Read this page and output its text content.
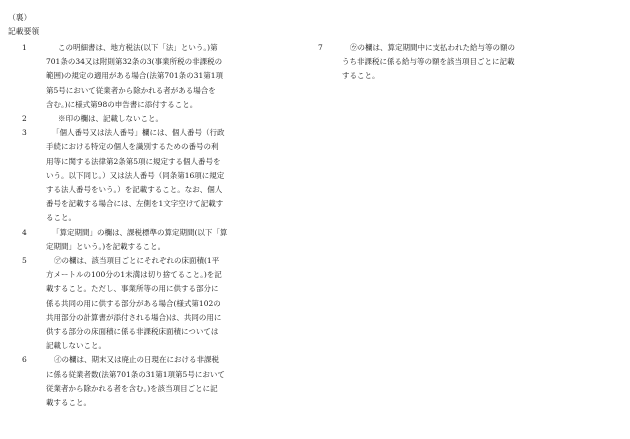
（裏）
記載要領
1	この明細書は、地方税法(以下「法」という。)第
701条の34又は附則第32条の3(事業所税の非課税の
範囲)の規定の適用がある場合(法第701条の31第1項
第5号において従業者から除かれる者がある場合を
含む。)に様式第98の申告書に添付すること。
2	※印の欄は、記載しないこと。
3	「個人番号又は法人番号」欄には、個人番号（行政
手続における特定の個人を識別するための番号の利
用等に関する法律第2条第5項に規定する個人番号を
いう。以下同じ。）又は法人番号（同条第16項に規定
する法人番号をいう。）を記載すること。なお、個人
番号を記載する場合には、左側を1文字空けて記載す
ること。
4	「算定期間」の欄は、課税標準の算定期間(以下「算
定期間」という。)を記載すること。
5	㋐の欄は、該当項目ごとにそれぞれの床面積(1平
方メートルの100分の1未満は切り捨てること。)を記
載すること。ただし、事業所等の用に供する部分に
係る共同の用に供する部分がある場合(様式第102の
共用部分の計算書が添付される場合)は、共同の用に
供する部分の床面積に係る非課税床面積については
記載しないこと。
6	㋑の欄は、期末又は廃止の日現在における非課税
に係る従業者数(法第701条の31第1項第5号において
従業者から除かれる者を含む。)を該当項目ごとに記
載すること。
7	㋒の欄は、算定期間中に支払われた給与等の額の
うち非課税に係る給与等の額を該当項目ごとに記載
すること。
